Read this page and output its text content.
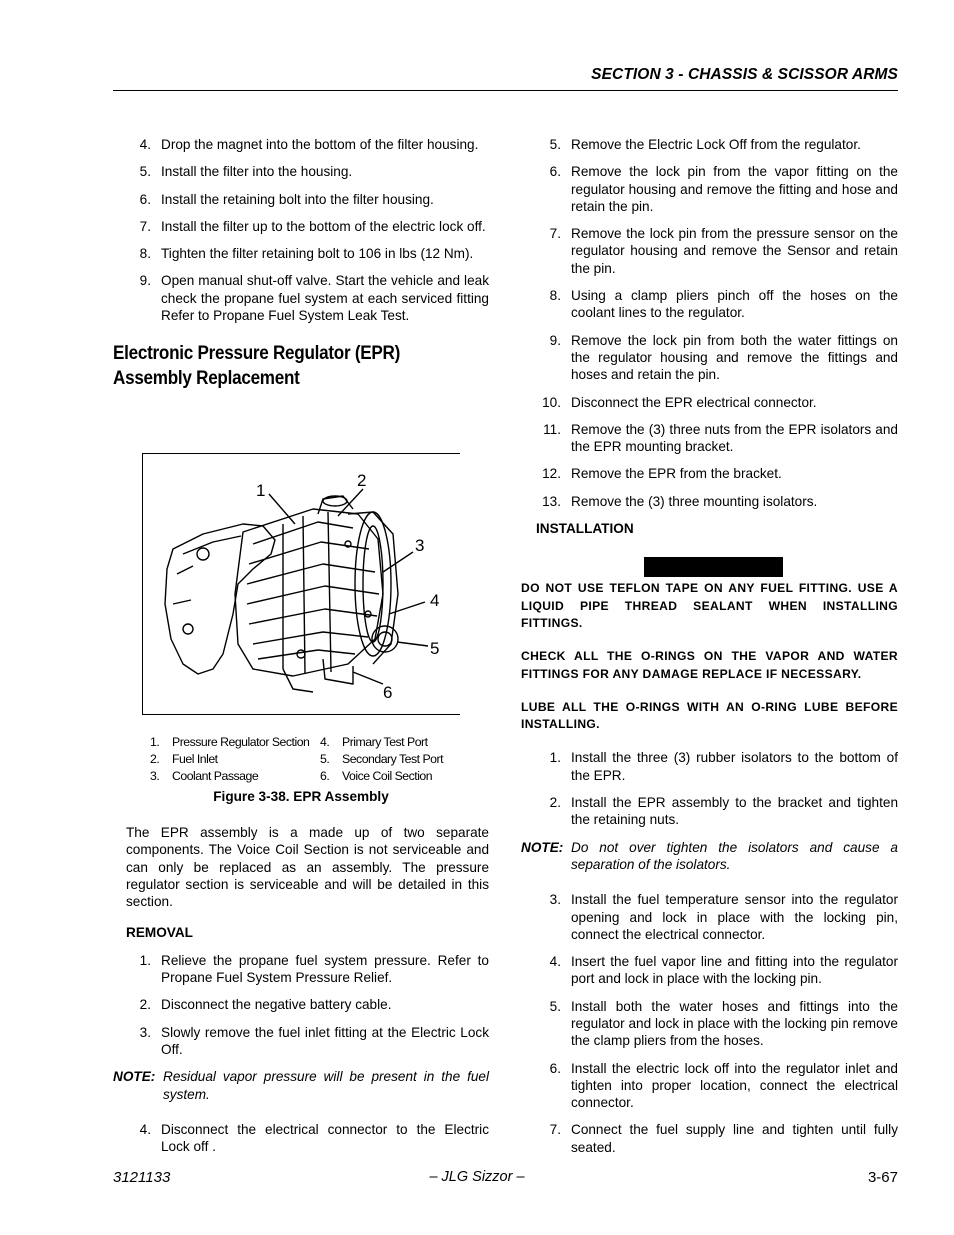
SECTION 3 - CHASSIS & SCISSOR ARMS
4. Drop the magnet into the bottom of the filter housing.
5. Install the filter into the housing.
6. Install the retaining bolt into the filter housing.
7. Install the filter up to the bottom of the electric lock off.
8. Tighten the filter retaining bolt to 106 in lbs (12 Nm).
9. Open manual shut-off valve. Start the vehicle and leak check the propane fuel system at each serviced fitting Refer to Propane Fuel System Leak Test.
Electronic Pressure Regulator (EPR)
Assembly Replacement
1
2
3
4
5
6
1.	Pressure Regulator Section 4.	Primary Test Port
2.	Fuel Inlet	5.	Secondary Test Port
3.	Coolant Passage	6.	Voice Coil Section
Figure 3-38. EPR Assembly
The EPR assembly is a made up of two separate components. The Voice Coil Section is not serviceable and can only be replaced as an assembly. The pressure regulator section is serviceable and will be detailed in this section.
REMOVAL
1. Relieve the propane fuel system pressure. Refer to Propane Fuel System Pressure Relief.
2. Disconnect the negative battery cable.
3. Slowly remove the fuel inlet fitting at the Electric Lock Off.
NOTE: Residual vapor pressure will be present in the fuel system.
4. Disconnect the electrical connector to the Electric Lock off .
5. Remove the Electric Lock Off from the regulator.
6. Remove the lock pin from the vapor fitting on the regulator housing and remove the fitting and hose and retain the pin.
7. Remove the lock pin from the pressure sensor on the regulator housing and remove the Sensor and retain the pin.
8. Using a clamp pliers pinch off the hoses on the coolant lines to the regulator.
9. Remove the lock pin from both the water fittings on the regulator housing and remove the fittings and hoses and retain the pin.
10. Disconnect the EPR electrical connector.
11. Remove the (3) three nuts from the EPR isolators and the EPR mounting bracket.
12. Remove the EPR from the bracket.
13. Remove the (3) three mounting isolators.
INSTALLATION
DO NOT USE TEFLON TAPE ON ANY FUEL FITTING. USE A LIQUID PIPE THREAD SEALANT WHEN INSTALLING FITTINGS.
CHECK ALL THE O-RINGS ON THE VAPOR AND WATER FITTINGS FOR ANY DAMAGE REPLACE IF NECESSARY.
LUBE ALL THE O-RINGS WITH AN O-RING LUBE BEFORE INSTALLING.
1. Install the three (3) rubber isolators to the bottom of the EPR.
2. Install the EPR assembly to the bracket and tighten the retaining nuts.
NOTE: Do not over tighten the isolators and cause a separation of the isolators.
3. Install the fuel temperature sensor into the regulator opening and lock in place with the locking pin, connect the electrical connector.
4. Insert the fuel vapor line and fitting into the regulator port and lock in place with the locking pin.
5. Install both the water hoses and fittings into the regulator and lock in place with the locking pin remove the clamp pliers from the hoses.
6. Install the electric lock off into the regulator inlet and tighten into proper location, connect the electrical connector.
7. Connect the fuel supply line and tighten until fully seated.
3121133	– JLG Sizzor –	3-67
